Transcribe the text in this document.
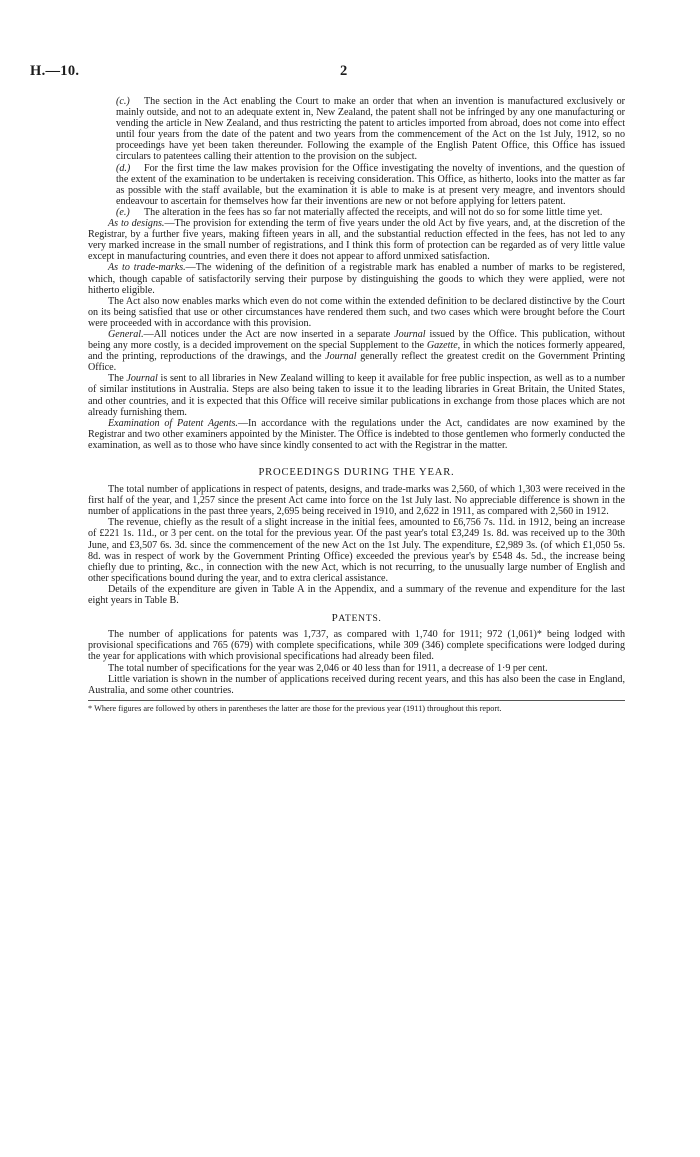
H.—10.	2

(c.) The section in the Act enabling the Court to make an order that when an invention is manufactured exclusively or mainly outside, and not to an adequate extent in, New Zealand, the patent shall not be infringed by any one manufacturing or vending the article in New Zealand, and thus restricting the patent to articles imported from abroad, does not come into effect until four years from the date of the patent and two years from the commencement of the Act on the 1st July, 1912, so no proceedings have yet been taken thereunder. Following the example of the English Patent Office, this Office has issued circulars to patentees calling their attention to the provision on the subject.

(d.) For the first time the law makes provision for the Office investigating the novelty of inventions, and the question of the extent of the examination to be undertaken is receiving consideration. This Office, as hitherto, looks into the matter as far as possible with the staff available, but the examination it is able to make is at present very meagre, and inventors should endeavour to ascertain for themselves how far their inventions are new or not before applying for letters patent.

(e.) The alteration in the fees has so far not materially affected the receipts, and will not do so for some little time yet.

As to designs.—The provision for extending the term of five years under the old Act by five years, and, at the discretion of the Registrar, by a further five years, making fifteen years in all, and the substantial reduction effected in the fees, has not led to any very marked increase in the small number of registrations, and I think this form of protection can be regarded as of very little value except in manufacturing countries, and even there it does not appear to afford unmixed satisfaction.

As to trade-marks.—The widening of the definition of a registrable mark has enabled a number of marks to be registered, which, though capable of satisfactorily serving their purpose by distinguishing the goods to which they were applied, were not hitherto eligible.

The Act also now enables marks which even do not come within the extended definition to be declared distinctive by the Court on its being satisfied that use or other circumstances have rendered them such, and two cases which were brought before the Court were proceeded with in accordance with this provision.

General.—All notices under the Act are now inserted in a separate Journal issued by the Office. This publication, without being any more costly, is a decided improvement on the special Supplement to the Gazette, in which the notices formerly appeared, and the printing, reproductions of the drawings, and the Journal generally reflect the greatest credit on the Government Printing Office.

The Journal is sent to all libraries in New Zealand willing to keep it available for free public inspection, as well as to a number of similar institutions in Australia. Steps are also being taken to issue it to the leading libraries in Great Britain, the United States, and other countries, and it is expected that this Office will receive similar publications in exchange from those places which are not already furnishing them.

Examination of Patent Agents.—In accordance with the regulations under the Act, candidates are now examined by the Registrar and two other examiners appointed by the Minister. The Office is indebted to those gentlemen who formerly conducted the examination, as well as to those who have since kindly consented to act with the Registrar in the matter.

PROCEEDINGS DURING THE YEAR.

The total number of applications in respect of patents, designs, and trade-marks was 2,560, of which 1,303 were received in the first half of the year, and 1,257 since the present Act came into force on the 1st July last. No appreciable difference is shown in the number of applications in the past three years, 2,695 being received in 1910, and 2,622 in 1911, as compared with 2,560 in 1912.

The revenue, chiefly as the result of a slight increase in the initial fees, amounted to £6,756 7s. 11d. in 1912, being an increase of £221 1s. 11d., or 3 per cent. on the total for the previous year. Of the past year's total £3,249 1s. 8d. was received up to the 30th June, and £3,507 6s. 3d. since the commencement of the new Act on the 1st July. The expenditure, £2,989 3s. (of which £1,050 5s. 8d. was in respect of work by the Government Printing Office) exceeded the previous year's by £548 4s. 5d., the increase being chiefly due to printing, &c., in connection with the new Act, which is not recurring, to the unusually large number of English and other specifications bound during the year, and to extra clerical assistance.

Details of the expenditure are given in Table A in the Appendix, and a summary of the revenue and expenditure for the last eight years in Table B.

PATENTS.

The number of applications for patents was 1,737, as compared with 1,740 for 1911; 972 (1,061)* being lodged with provisional specifications and 765 (679) with complete specifications, while 309 (346) complete specifications were lodged during the year for applications with which provisional specifications had already been filed.

The total number of specifications for the year was 2,046 or 40 less than for 1911, a decrease of 1·9 per cent.

Little variation is shown in the number of applications received during recent years, and this has also been the case in England, Australia, and some other countries.

* Where figures are followed by others in parentheses the latter are those for the previous year (1911) throughout this report.
